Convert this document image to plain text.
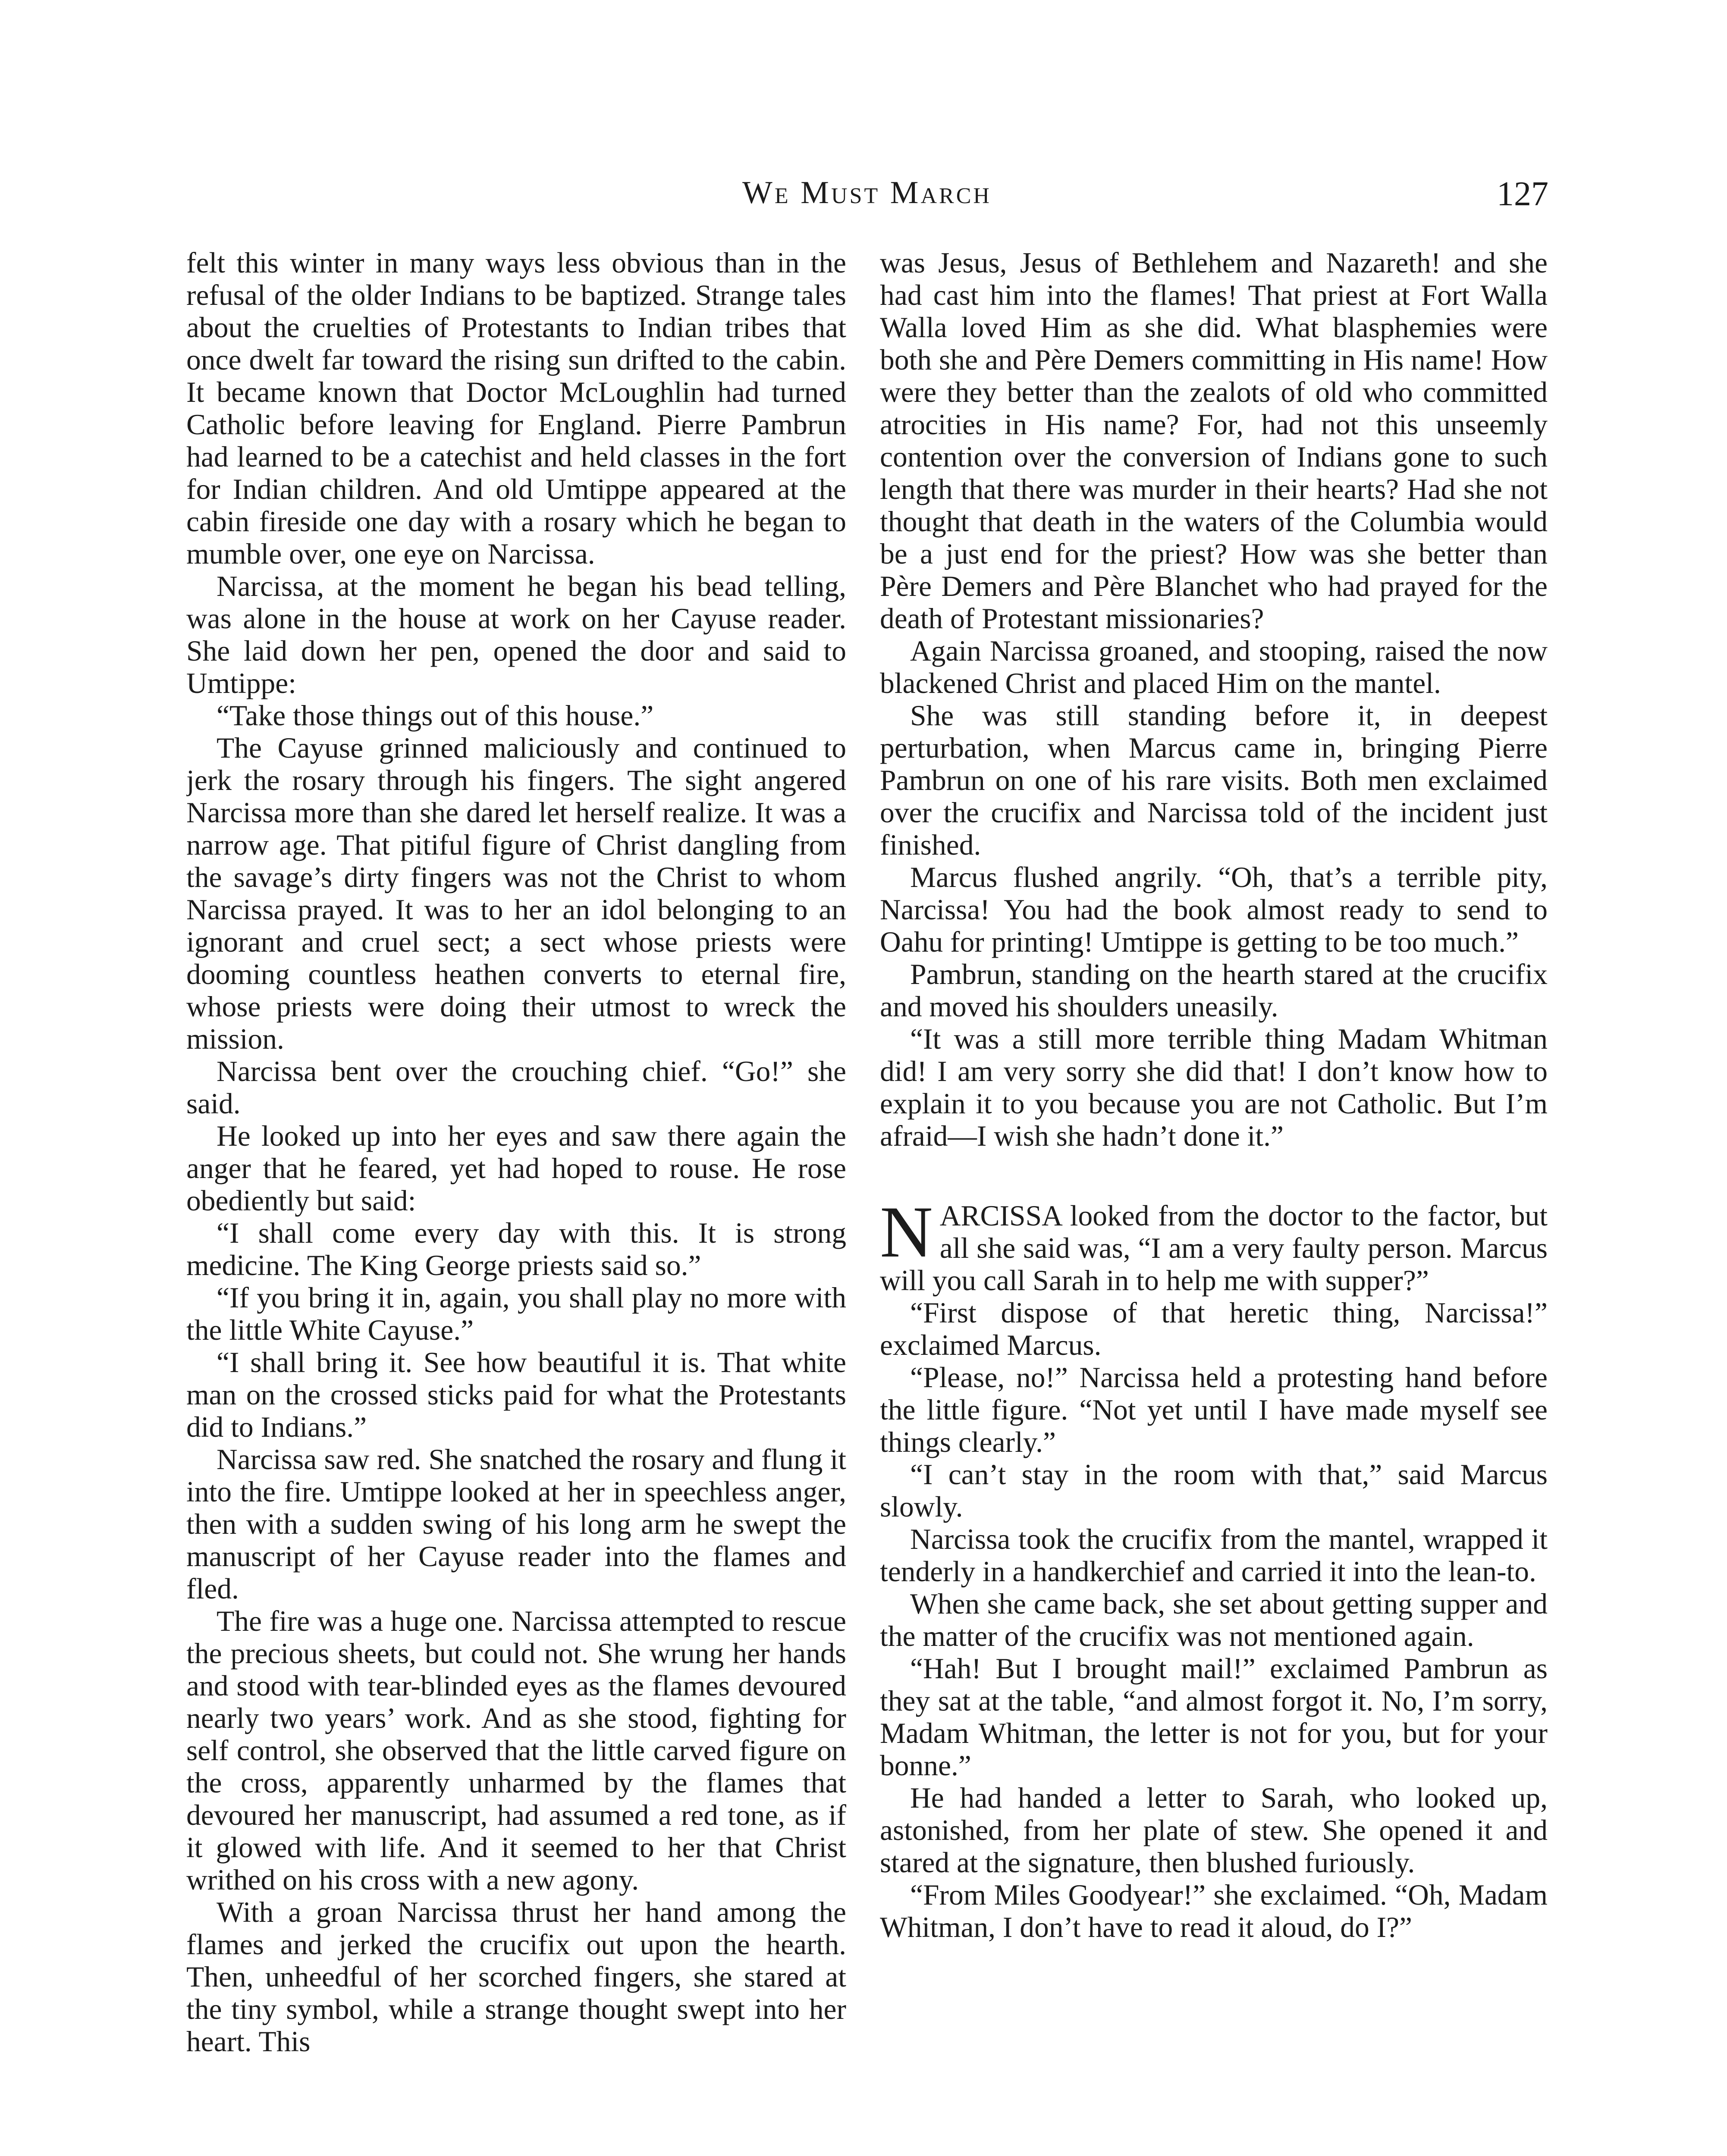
We Must March	127

felt this winter in many ways less obvious than in the refusal of the older Indians to be baptized. Strange tales about the cruelties of Protestants to Indian tribes that once dwelt far toward the rising sun drifted to the cabin. It became known that Doctor McLoughlin had turned Catholic before leaving for England. Pierre Pambrun had learned to be a catechist and held classes in the fort for Indian children. And old Umtippe appeared at the cabin fireside one day with a rosary which he began to mumble over, one eye on Narcissa.

Narcissa, at the moment he began his bead telling, was alone in the house at work on her Cayuse reader. She laid down her pen, opened the door and said to Umtippe:

“Take those things out of this house.”

The Cayuse grinned maliciously and continued to jerk the rosary through his fingers. The sight angered Narcissa more than she dared let herself realize. It was a narrow age. That pitiful figure of Christ dangling from the savage’s dirty fingers was not the Christ to whom Narcissa prayed. It was to her an idol belonging to an ignorant and cruel sect; a sect whose priests were dooming countless heathen converts to eternal fire, whose priests were doing their utmost to wreck the mission.

Narcissa bent over the crouching chief. “Go!” she said.

He looked up into her eyes and saw there again the anger that he feared, yet had hoped to rouse. He rose obediently but said:

“I shall come every day with this. It is strong medicine. The King George priests said so.”

“If you bring it in, again, you shall play no more with the little White Cayuse.”

“I shall bring it. See how beautiful it is. That white man on the crossed sticks paid for what the Protestants did to Indians.”

Narcissa saw red. She snatched the rosary and flung it into the fire. Umtippe looked at her in speechless anger, then with a sudden swing of his long arm he swept the manuscript of her Cayuse reader into the flames and fled.

The fire was a huge one. Narcissa attempted to rescue the precious sheets, but could not. She wrung her hands and stood with tear-blinded eyes as the flames devoured nearly two years’ work. And as she stood, fighting for self control, she observed that the little carved figure on the cross, apparently unharmed by the flames that devoured her manuscript, had assumed a red tone, as if it glowed with life. And it seemed to her that Christ writhed on his cross with a new agony.

With a groan Narcissa thrust her hand among the flames and jerked the crucifix out upon the hearth. Then, unheedful of her scorched fingers, she stared at the tiny symbol, while a strange thought swept into her heart. This

was Jesus, Jesus of Bethlehem and Nazareth! and she had cast him into the flames! That priest at Fort Walla Walla loved Him as she did. What blasphemies were both she and Père Demers committing in His name! How were they better than the zealots of old who committed atrocities in His name? For, had not this unseemly contention over the conversion of Indians gone to such length that there was murder in their hearts? Had she not thought that death in the waters of the Columbia would be a just end for the priest? How was she better than Père Demers and Père Blanchet who had prayed for the death of Protestant missionaries?

Again Narcissa groaned, and stooping, raised the now blackened Christ and placed Him on the mantel.

She was still standing before it, in deepest perturbation, when Marcus came in, bringing Pierre Pambrun on one of his rare visits. Both men exclaimed over the crucifix and Narcissa told of the incident just finished.

Marcus flushed angrily. “Oh, that’s a terrible pity, Narcissa! You had the book almost ready to send to Oahu for printing! Umtippe is getting to be too much.”

Pambrun, standing on the hearth stared at the crucifix and moved his shoulders uneasily.

“It was a still more terrible thing Madam Whitman did! I am very sorry she did that! I don’t know how to explain it to you because you are not Catholic. But I’m afraid—I wish she hadn’t done it.”

NARCISSA looked from the doctor to the factor, but all she said was, “I am a very faulty person. Marcus will you call Sarah in to help me with supper?”

“First dispose of that heretic thing, Narcissa!” exclaimed Marcus.

“Please, no!” Narcissa held a protesting hand before the little figure. “Not yet until I have made myself see things clearly.”

“I can’t stay in the room with that,” said Marcus slowly.

Narcissa took the crucifix from the mantel, wrapped it tenderly in a handkerchief and carried it into the lean-to.

When she came back, she set about getting supper and the matter of the crucifix was not mentioned again.

“Hah! But I brought mail!” exclaimed Pambrun as they sat at the table, “and almost forgot it. No, I’m sorry, Madam Whitman, the letter is not for you, but for your bonne.”

He had handed a letter to Sarah, who looked up, astonished, from her plate of stew. She opened it and stared at the signature, then blushed furiously.

“From Miles Goodyear!” she exclaimed. “Oh, Madam Whitman, I don’t have to read it aloud, do I?”
